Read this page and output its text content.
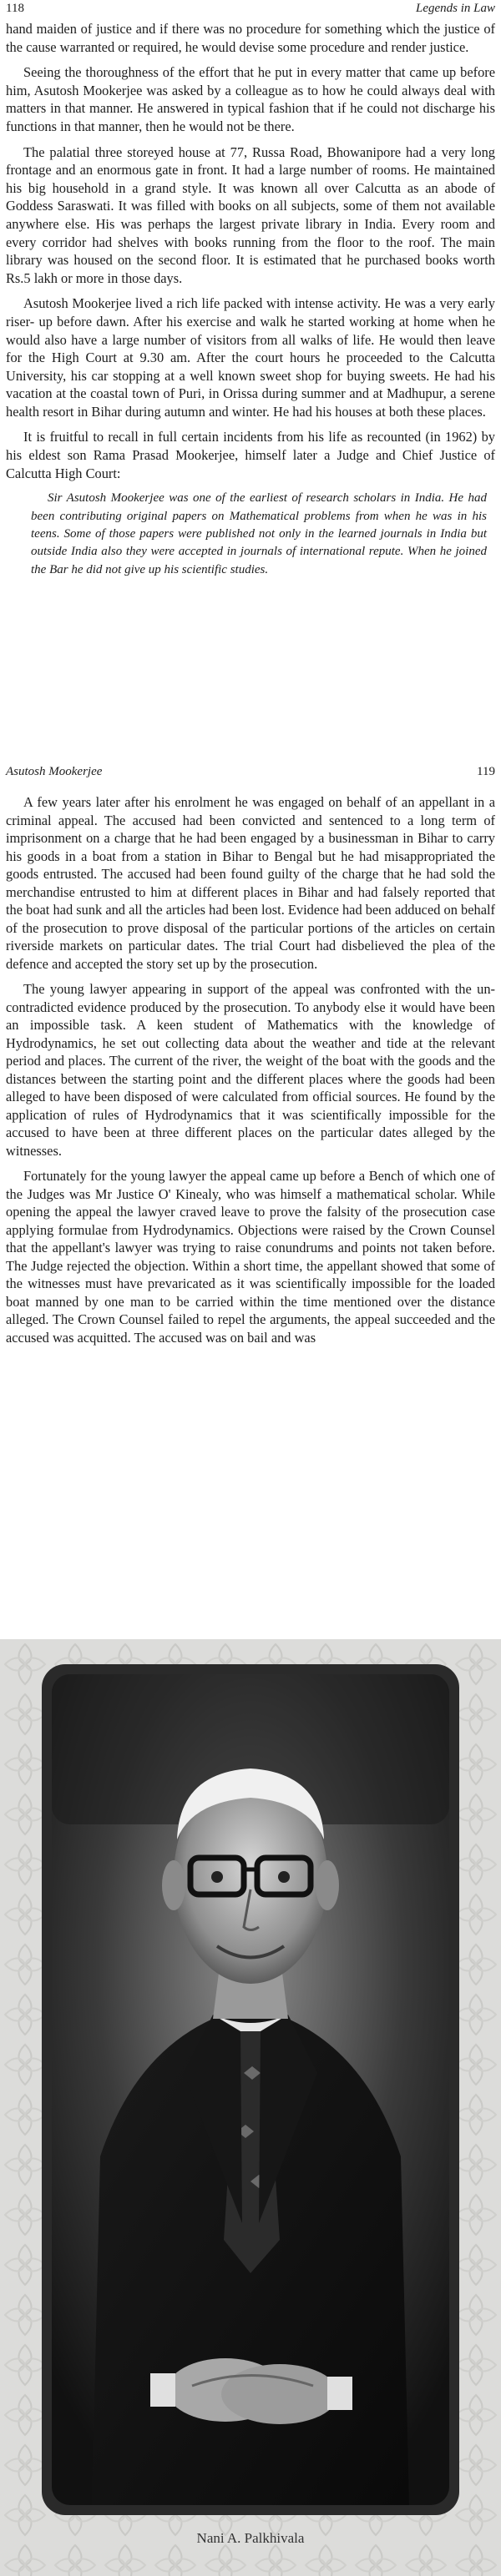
118	Legends in Law

hand maiden of justice and if there was no procedure for something which the justice of the cause warranted or required, he would devise some procedure and render justice.

Seeing the thoroughness of the effort that he put in every matter that came up before him, Asutosh Mookerjee was asked by a colleague as to how he could always deal with matters in that manner. He answered in typical fashion that if he could not discharge his functions in that manner, then he would not be there.

The palatial three storeyed house at 77, Russa Road, Bhowanipore had a very long frontage and an enormous gate in front. It had a large number of rooms. He maintained his big household in a grand style. It was known all over Calcutta as an abode of Goddess Saraswati. It was filled with books on all subjects, some of them not available anywhere else. His was perhaps the largest private library in India. Every room and every corridor had shelves with books running from the floor to the roof. The main library was housed on the second floor. It is estimated that he purchased books worth Rs.5 lakh or more in those days.

Asutosh Mookerjee lived a rich life packed with intense activity. He was a very early riser- up before dawn. After his exercise and walk he started working at home when he would also have a large number of visitors from all walks of life. He would then leave for the High Court at 9.30 am. After the court hours he proceeded to the Calcutta University, his car stopping at a well known sweet shop for buying sweets. He had his vacation at the coastal town of Puri, in Orissa during summer and at Madhupur, a serene health resort in Bihar during autumn and winter. He had his houses at both these places.

It is fruitful to recall in full certain incidents from his life as recounted (in 1962) by his eldest son Rama Prasad Mookerjee, himself later a Judge and Chief Justice of Calcutta High Court:

Sir Asutosh Mookerjee was one of the earliest of research scholars in India. He had been contributing original papers on Mathematical problems from when he was in his teens. Some of those papers were published not only in the learned journals in India but outside India also they were accepted in journals of international repute. When he joined the Bar he did not give up his scientific studies.
Asutosh Mookerjee	119

A few years later after his enrolment he was engaged on behalf of an appellant in a criminal appeal. The accused had been convicted and sentenced to a long term of imprisonment on a charge that he had been engaged by a businessman in Bihar to carry his goods in a boat from a station in Bihar to Bengal but he had misappropriated the goods entrusted. The accused had been found guilty of the charge that he had sold the merchandise entrusted to him at different places in Bihar and had falsely reported that the boat had sunk and all the articles had been lost. Evidence had been adduced on behalf of the prosecution to prove disposal of the particular portions of the articles on certain riverside markets on particular dates. The trial Court had disbelieved the plea of the defence and accepted the story set up by the prosecution.

The young lawyer appearing in support of the appeal was confronted with the un-contradicted evidence produced by the prosecution. To anybody else it would have been an impossible task. A keen student of Mathematics with the knowledge of Hydrodynamics, he set out collecting data about the weather and tide at the relevant period and places. The current of the river, the weight of the boat with the goods and the distances between the starting point and the different places where the goods had been alleged to have been disposed of were calculated from official sources. He found by the application of rules of Hydrodynamics that it was scientifically impossible for the accused to have been at three different places on the particular dates alleged by the witnesses.

Fortunately for the young lawyer the appeal came up before a Bench of which one of the Judges was Mr Justice O' Kinealy, who was himself a mathematical scholar. While opening the appeal the lawyer craved leave to prove the falsity of the prosecution case applying formulae from Hydrodynamics. Objections were raised by the Crown Counsel that the appellant's lawyer was trying to raise conundrums and points not taken before. The Judge rejected the objection. Within a short time, the appellant showed that some of the witnesses must have prevaricated as it was scientifically impossible for the loaded boat manned by one man to be carried within the time mentioned over the distance alleged. The Crown Counsel failed to repel the arguments, the appeal succeeded and the accused was acquitted. The accused was on bail and was

Nani A. Palkhivala
